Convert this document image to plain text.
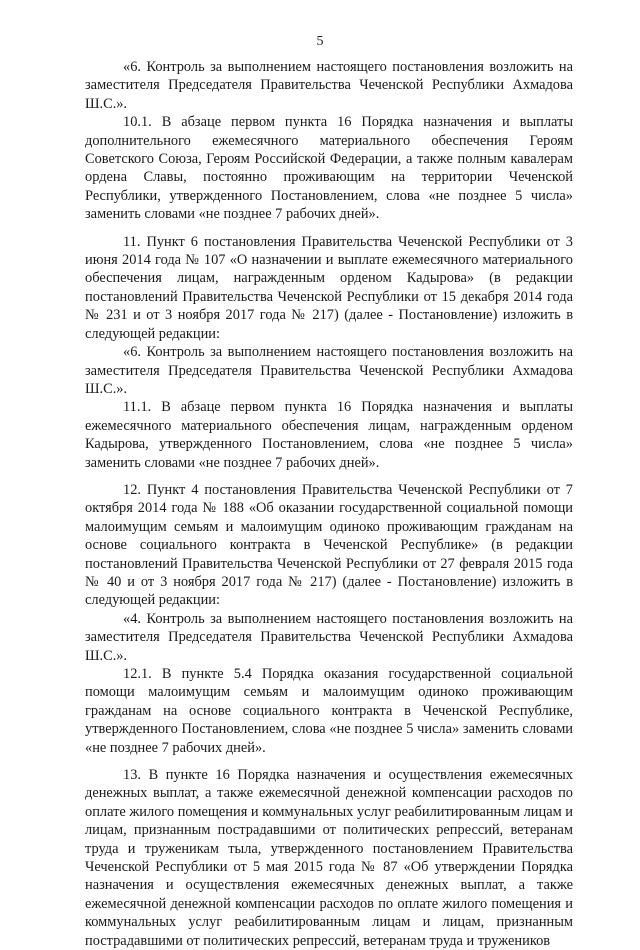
5

«6. Контроль за выполнением настоящего постановления возложить на заместителя Председателя Правительства Чеченской Республики Ахмадова Ш.С.».

10.1. В абзаце первом пункта 16 Порядка назначения и выплаты дополнительного ежемесячного материального обеспечения Героям Советского Союза, Героям Российской Федерации, а также полным кавалерам ордена Славы, постоянно проживающим на территории Чеченской Республики, утвержденного Постановлением, слова «не позднее 5 числа» заменить словами «не позднее 7 рабочих дней».

11. Пункт 6 постановления Правительства Чеченской Республики от 3 июня 2014 года № 107 «О назначении и выплате ежемесячного материального обеспечения лицам, награжденным орденом Кадырова» (в редакции постановлений Правительства Чеченской Республики от 15 декабря 2014 года № 231 и от 3 ноября 2017 года № 217) (далее - Постановление) изложить в следующей редакции:

«6. Контроль за выполнением настоящего постановления возложить на заместителя Председателя Правительства Чеченской Республики Ахмадова Ш.С.».

11.1. В абзаце первом пункта 16 Порядка назначения и выплаты ежемесячного материального обеспечения лицам, награжденным орденом Кадырова, утвержденного Постановлением, слова «не позднее 5 числа» заменить словами «не позднее 7 рабочих дней».

12. Пункт 4 постановления Правительства Чеченской Республики от 7 октября 2014 года № 188 «Об оказании государственной социальной помощи малоимущим семьям и малоимущим одиноко проживающим гражданам на основе социального контракта в Чеченской Республике» (в редакции постановлений Правительства Чеченской Республики от 27 февраля 2015 года № 40 и от 3 ноября 2017 года № 217) (далее - Постановление) изложить в следующей редакции:

«4. Контроль за выполнением настоящего постановления возложить на заместителя Председателя Правительства Чеченской Республики Ахмадова Ш.С.».

12.1. В пункте 5.4 Порядка оказания государственной социальной помощи малоимущим семьям и малоимущим одиноко проживающим гражданам на основе социального контракта в Чеченской Республике, утвержденного Постановлением, слова «не позднее 5 числа» заменить словами «не позднее 7 рабочих дней».

13. В пункте 16 Порядка назначения и осуществления ежемесячных денежных выплат, а также ежемесячной денежной компенсации расходов по оплате жилого помещения и коммунальных услуг реабилитированным лицам и лицам, признанным пострадавшими от политических репрессий, ветеранам труда и труженикам тыла, утвержденного постановлением Правительства Чеченской Республики от 5 мая 2015 года № 87 «Об утверждении Порядка назначения и осуществления ежемесячных денежных выплат, а также ежемесячной денежной компенсации расходов по оплате жилого помещения и коммунальных услуг реабилитированным лицам и лицам, признанным пострадавшими от политических репрессий, ветеранам труда и тружеников
